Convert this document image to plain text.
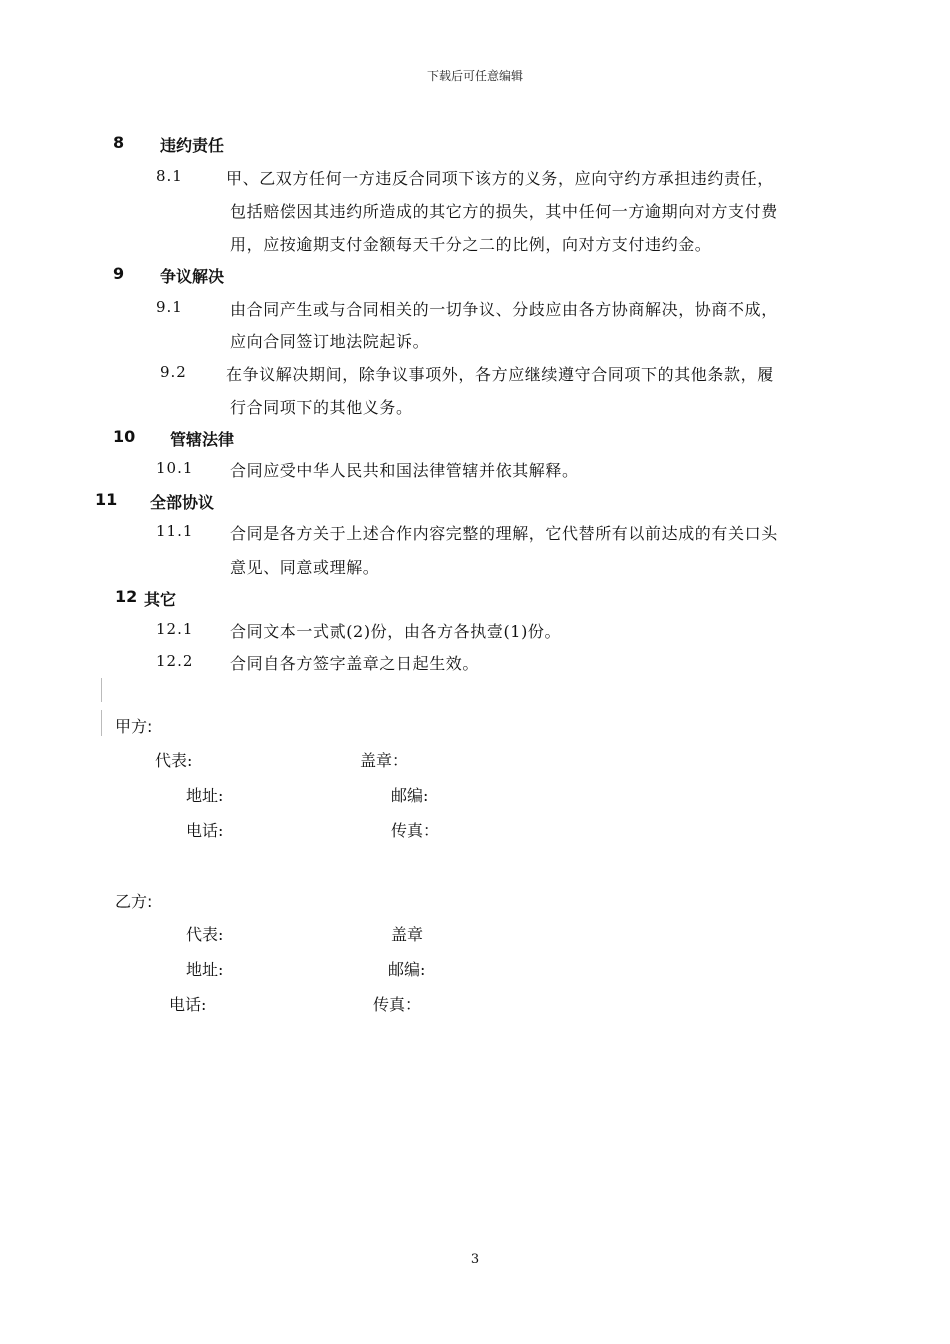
下载后可任意编辑
8 违约责任
8.1	甲、乙双方任何一方违反合同项下该方的义务，应向守约方承担违约责任，
包括赔偿因其违约所造成的其它方的损失，其中任何一方逾期向对方支付费
用，应按逾期支付金额每天千分之二的比例，向对方支付违约金。
9 争议解决
9.1	由合同产生或与合同相关的一切争议、分歧应由各方协商解决，协商不成，
应向合同签订地法院起诉。
9.2 在争议解决期间，除争议事项外，各方应继续遵守合同项下的其他条款，履
行合同项下的其他义务。
10 管辖法律
10.1 合同应受中华人民共和国法律管辖并依其解释。
11 全部协议
11.1 合同是各方关于上述合作内容完整的理解，它代替所有以前达成的有关口头
意见、同意或理解。
12 其它
12.1 合同文本一式贰(2)份，由各方各执壹(1)份。
12.2 合同自各方签字盖章之日起生效。
甲方:
代表:	盖章：
地址:	邮编:
电话:	传真：
乙方:
代表:	盖章
地址:	邮编:
电话:	传真：
3
